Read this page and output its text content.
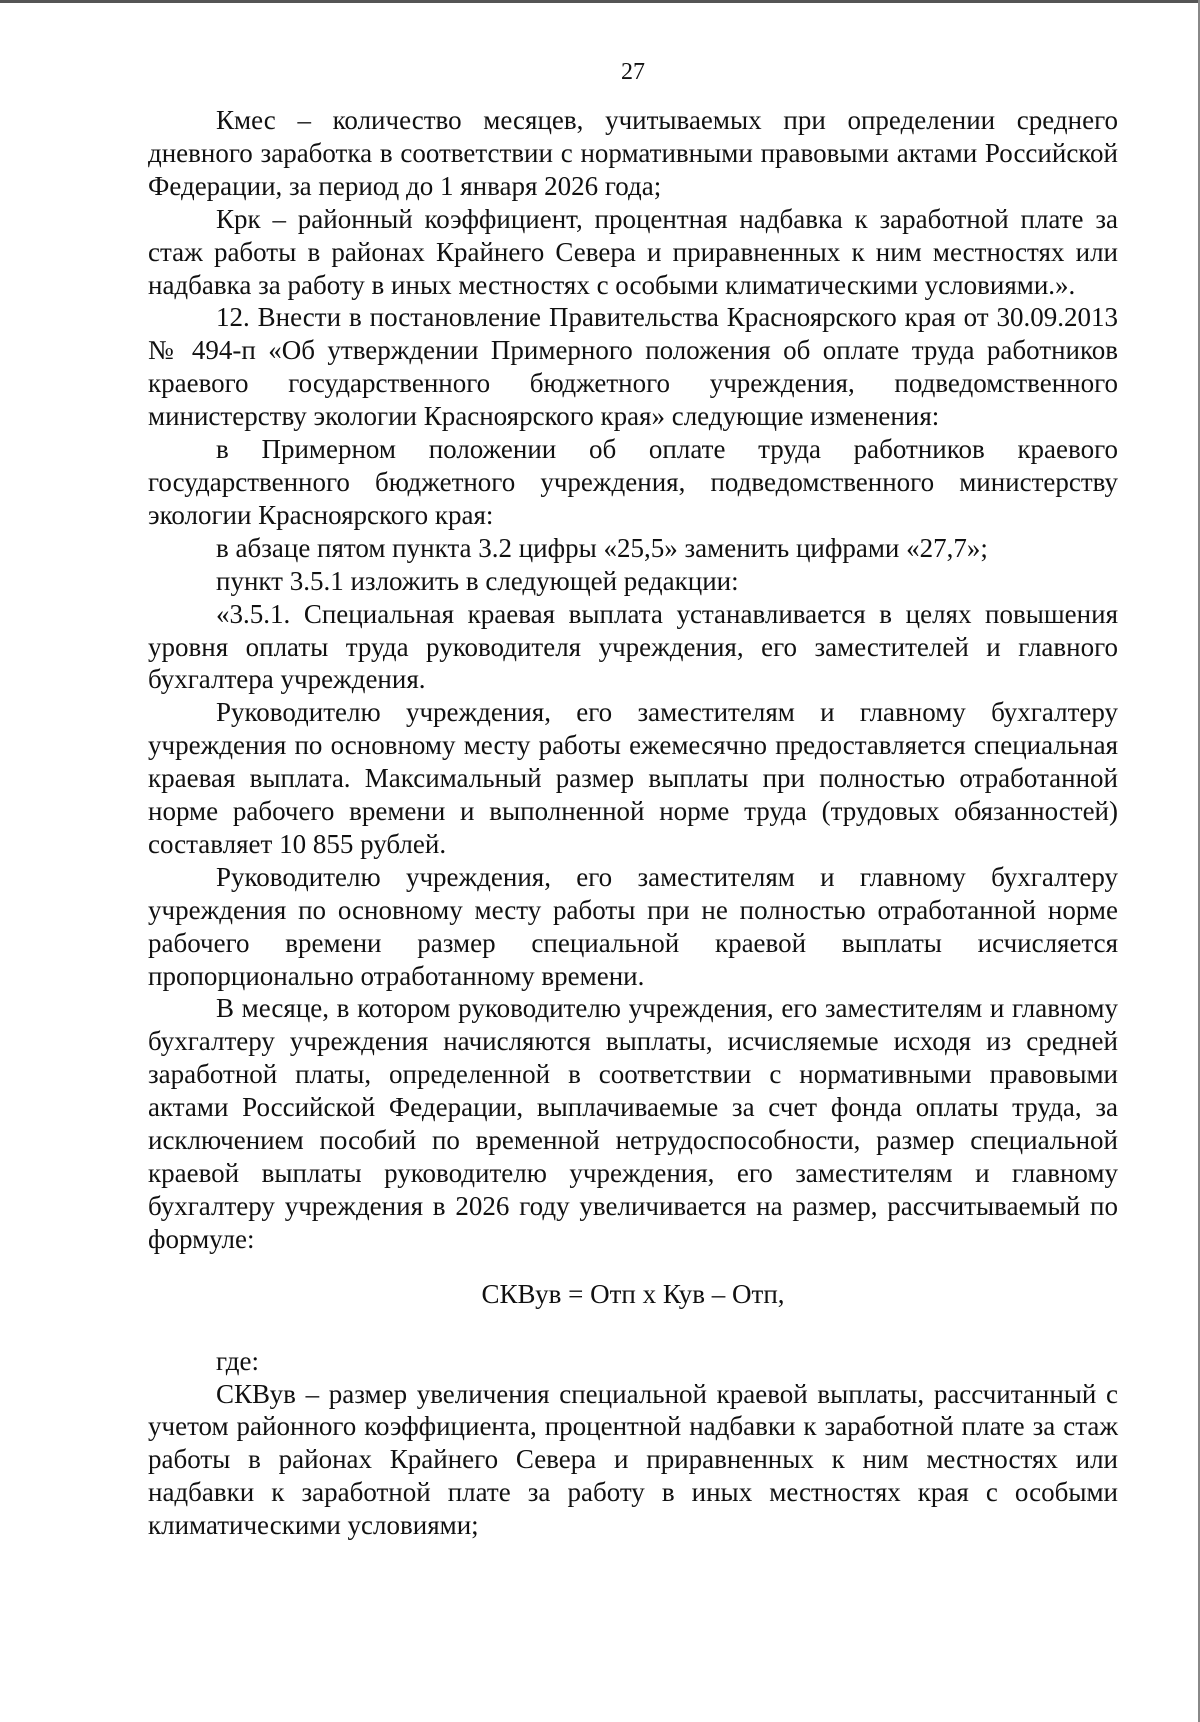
27

Кмес – количество месяцев, учитываемых при определении среднего дневного заработка в соответствии с нормативными правовыми актами Российской Федерации, за период до 1 января 2026 года;

Крк – районный коэффициент, процентная надбавка к заработной плате за стаж работы в районах Крайнего Севера и приравненных к ним местностях или надбавка за работу в иных местностях с особыми климатическими условиями.».

12. Внести в постановление Правительства Красноярского края от 30.09.2013 № 494-п «Об утверждении Примерного положения об оплате труда работников краевого государственного бюджетного учреждения, подведомственного министерству экологии Красноярского края» следующие изменения:

в Примерном положении об оплате труда работников краевого государственного бюджетного учреждения, подведомственного министерству экологии Красноярского края:

в абзаце пятом пункта 3.2 цифры «25,5» заменить цифрами «27,7»;

пункт 3.5.1 изложить в следующей редакции:

«3.5.1. Специальная краевая выплата устанавливается в целях повышения уровня оплаты труда руководителя учреждения, его заместителей и главного бухгалтера учреждения.

Руководителю учреждения, его заместителям и главному бухгалтеру учреждения по основному месту работы ежемесячно предоставляется специальная краевая выплата. Максимальный размер выплаты при полностью отработанной норме рабочего времени и выполненной норме труда (трудовых обязанностей) составляет 10 855 рублей.

Руководителю учреждения, его заместителям и главному бухгалтеру учреждения по основному месту работы при не полностью отработанной норме рабочего времени размер специальной краевой выплаты исчисляется пропорционально отработанному времени.

В месяце, в котором руководителю учреждения, его заместителям и главному бухгалтеру учреждения начисляются выплаты, исчисляемые исходя из средней заработной платы, определенной в соответствии с нормативными правовыми актами Российской Федерации, выплачиваемые за счет фонда оплаты труда, за исключением пособий по временной нетрудоспособности, размер специальной краевой выплаты руководителю учреждения, его заместителям и главному бухгалтеру учреждения в 2026 году увеличивается на размер, рассчитываемый по формуле:

СКВув = Отп х Кув – Отп,

где:

СКВув – размер увеличения специальной краевой выплаты, рассчитанный с учетом районного коэффициента, процентной надбавки к заработной плате за стаж работы в районах Крайнего Севера и приравненных к ним местностях или надбавки к заработной плате за работу в иных местностях края с особыми климатическими условиями;
